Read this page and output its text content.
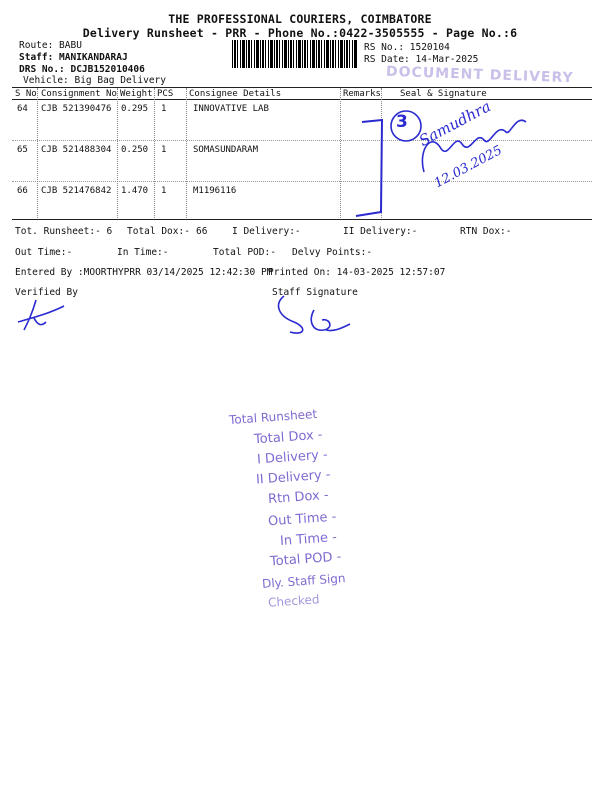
THE PROFESSIONAL COURIERS, COIMBATORE
Delivery Runsheet - PRR - Phone No.:0422-3505555 - Page No.:6
Route: BABU
Staff: MANIKANDARAJ
DRS No.: DCJB152010406
Vehicle: Big Bag Delivery
RS No.: 1520104
RS Date: 14-Mar-2025
DOCUMENT DELIVERY
S No Consignment No Weight PCS Consignee Details	Remarks Seal & Signature
64 CJB 521390476 0.295 1	INNOVATIVE LAB
65 CJB 521488304 0.250 1	SOMASUNDARAM
66 CJB 521476842 1.470 1	M1196116
3 Samudhra
12.03.2025
Tot. Runsheet:- 6 Total Dox:- 66	I Delivery:-	II Delivery:-	RTN Dox:-
Out Time:-	In Time:-	Total POD:- Delvy Points:-
Entered By :MOORTHYPRR 03/14/2025 12:42:30 PM
Printed On: 14-03-2025 12:57:07
Verified By	Staff Signature
Total Runsheet
Total Dox -
I Delivery -
II Delivery -
Rtn Dox -
Out Time -
In Time -
Total POD -
Dly. Staff Sign
Checked
